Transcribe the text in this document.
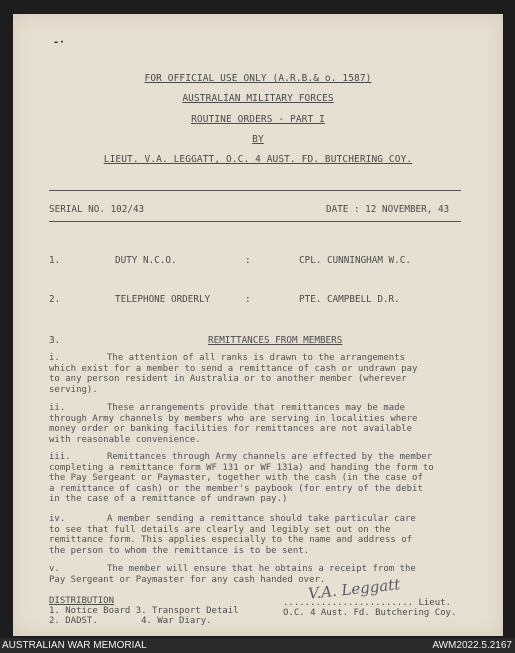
-·
FOR OFFICIAL USE ONLY (A.R.B.& o. 1587)
AUSTRALIAN MILITARY FORCES
ROUTINE ORDERS - PART I
BY
LIEUT. V.A. LEGGATT, O.C. 4 AUST. FD. BUTCHERING COY.
SERIAL NO. 102/43	DATE : 12 NOVEMBER, 43
1.	DUTY N.C.O.	:	CPL. CUNNINGHAM W.C.
2.	TELEPHONE ORDERLY	:	PTE. CAMPBELL D.R.
3.	REMITTANCES FROM MEMBERS
i.	The attention of all ranks is drawn to the arrangements
which exist for a member to send a remittance of cash or undrawn pay
to any person resident in Australia or to another member (wherever
serving).
ii.	These arrangements provide that remittances may be made
through Army channels by members who are serving in localities where
money order or banking facilities for remittances are not available
with reasonable convenience.
iii.	Remittances through Army channels are effected by the member
completing a remittance form WF 131 or WF 131a) and handing the form to
the Pay Sergeant or Paymaster, together with the cash (in the case of
a remittance of cash) or the member's paybook (for entry of the debit
in the case of a remittance of undrawn pay.)
iv.	A member sending a remittance should take particular care
to see that full details are clearly and legibly set out on the
remittance form. This applies especially to the name and address of
the person to whom the remittance is to be sent.
v.	The member will ensure that he obtains a receipt from the
Pay Sergeant or Paymaster for any cash handed over.
DISTRIBUTION
1. Notice Board 3. Transport Detail
2. DADST.        4. War Diary.
V.A. Leggatt
........................ Lieut.
O.C. 4 Aust. Fd. Butchering Coy.
AUSTRALIAN WAR MEMORIAL	AWM2022.5.2167
